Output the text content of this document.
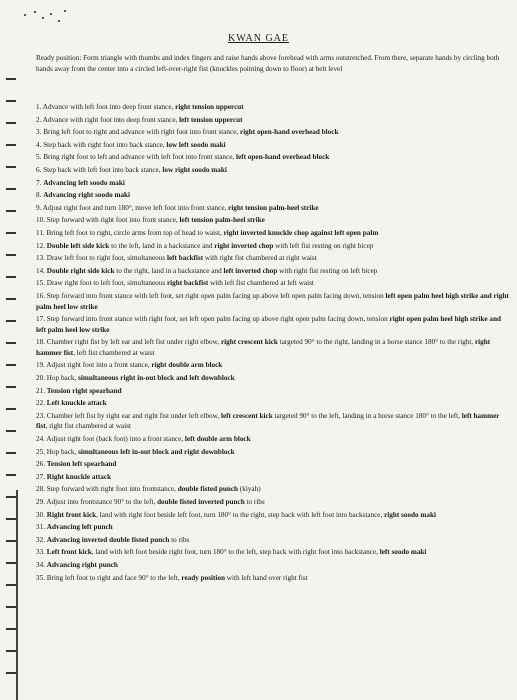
KWAN GAE
Ready position: Form triangle with thumbs and index fingers and raise hands above forehead with arms outstretched. From there, separate hands by circling both hands away from the center into a circled left-over-right fist (knuckles pointing down to floor) at belt level
1. Advance with left foot into deep front stance, right tension uppercut
2. Advance with right foot into deep front stance, left tension uppercut
3. Bring left foot to right and advance with right foot into front stance, right open-hand overhead block
4. Step back with right foot into back stance, low left soodo maki
5. Bring right foot to left and advance with left foot into front stance, left open-hand overhead block
6. Step back with left foot into back stance, low right soodo maki
7. Advancing left soodo maki
8. Advancing right soodo maki
9. Adjust right foot and turn 180°, move left foot into front stance, right tension palm-heel strike
10. Step forward with right foot into front stance, left tension palm-heel strike
11. Bring left foot to right, circle arms from top of head to waist, right inverted knuckle chop against left open palm
12. Double left side kick to the left, land in a backstance and right inverted chop with left fist resting on right bicep
13. Draw left foot to right foot, simultaneous left backfist with right fist chambered at right waist
14. Double right side kick to the right, land in a backstance and left inverted chop with right fist resting on left bicep
15. Draw right foot to left foot, simultaneous right backfist with left fist chambered at left waist
16. Step forward into front stance with left foot, set right open palm facing up above left open palm facing down, tension left open palm heel high strike and right palm heel low strike
17. Step forward into front stance with right foot, set left open palm facing up above right open palm facing down, tension right open palm heel high strike and left palm heel low strike
18. Chamber right fist by left ear and left fist under right elbow, right crescent kick targeted 90° to the right, landing in a horse stance 180° to the right, right hammer fist, left fist chambered at waist
19. Adjust right foot into a front stance, right double arm block
20. Hop back, simultaneous right in-out block and left downblock
21. Tension right spearhand
22. Left knuckle attack
23. Chamber left fist by right ear and right fist under left elbow, left crescent kick targeted 90° to the left, landing in a horse stance 180° to the left, left hammer fist, right fist chambered at waist
24. Adjust right foot (back foot) into a front stance, left double arm block
25. Hop back, simultaneous left in-out block and right downblock
26. Tension left spearhand
27. Right knuckle attack
28. Step forward with right foot into frontstance, double fisted punch (kiyah)
29. Adjust into frontstance 90° to the left, double fisted inverted punch to ribs
30. Right front kick, land with right foot beside left foot, turn 180° to the right, step back with left foot into backstance, right soodo maki
31. Advancing left punch
32. Advancing inverted double fisted punch to ribs
33. Left front kick, land with left foot beside right foot, turn 180° to the left, step back with right foot into backstance, left soodo maki
34. Advancing right punch
35. Bring left foot to right and face 90° to the left, ready position with left hand over right fist
